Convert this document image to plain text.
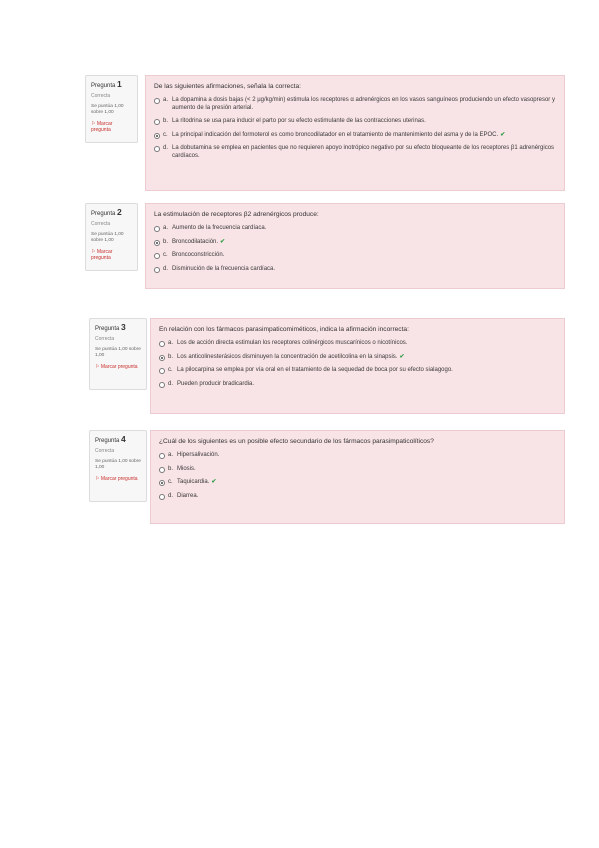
Pregunta 1
Correcta
Se puntúa 1,00 sobre 1,00
⚐ Marcar pregunta
De las siguientes afirmaciones, señala la correcta:
a. La dopamina a dosis bajas (< 2 µg/kg/min) estimula los receptores α adrenérgicos en los vasos sanguíneos produciendo un efecto vasopresor y aumento de la presión arterial.
b. La ritodrina se usa para inducir el parto por su efecto estimulante de las contracciones uterinas.
c. La principal indicación del formoterol es como broncodilatador en el tratamiento de mantenimiento del asma y de la EPOC. ✔
d. La dobutamina se emplea en pacientes que no requieren apoyo inotrópico negativo por su efecto bloqueante de los receptores β1 adrenérgicos cardíacos.
Pregunta 2
Correcta
Se puntúa 1,00 sobre 1,00
⚐ Marcar pregunta
La estimulación de receptores β2 adrenérgicos produce:
a. Aumento de la frecuencia cardíaca.
b. Broncodilatación. ✔
c. Broncoconstricción.
d. Disminución de la frecuencia cardíaca.
Pregunta 3
Correcta
Se puntúa 1,00 sobre 1,00
⚐ Marcar pregunta
En relación con los fármacos parasimpaticomiméticos, indica la afirmación incorrecta:
a. Los de acción directa estimulan los receptores colinérgicos muscarínicos o nicotínicos.
b. Los anticolinesterásicos disminuyen la concentración de acetilcolina en la sinapsis. ✔
c. La pilocarpina se emplea por vía oral en el tratamiento de la sequedad de boca por su efecto sialagogo.
d. Pueden producir bradicardia.
Pregunta 4
Correcta
Se puntúa 1,00 sobre 1,00
⚐ Marcar pregunta
¿Cuál de los siguientes es un posible efecto secundario de los fármacos parasimpaticolíticos?
a. Hipersalivación.
b. Miosis.
c. Taquicardia. ✔
d. Diarrea.
